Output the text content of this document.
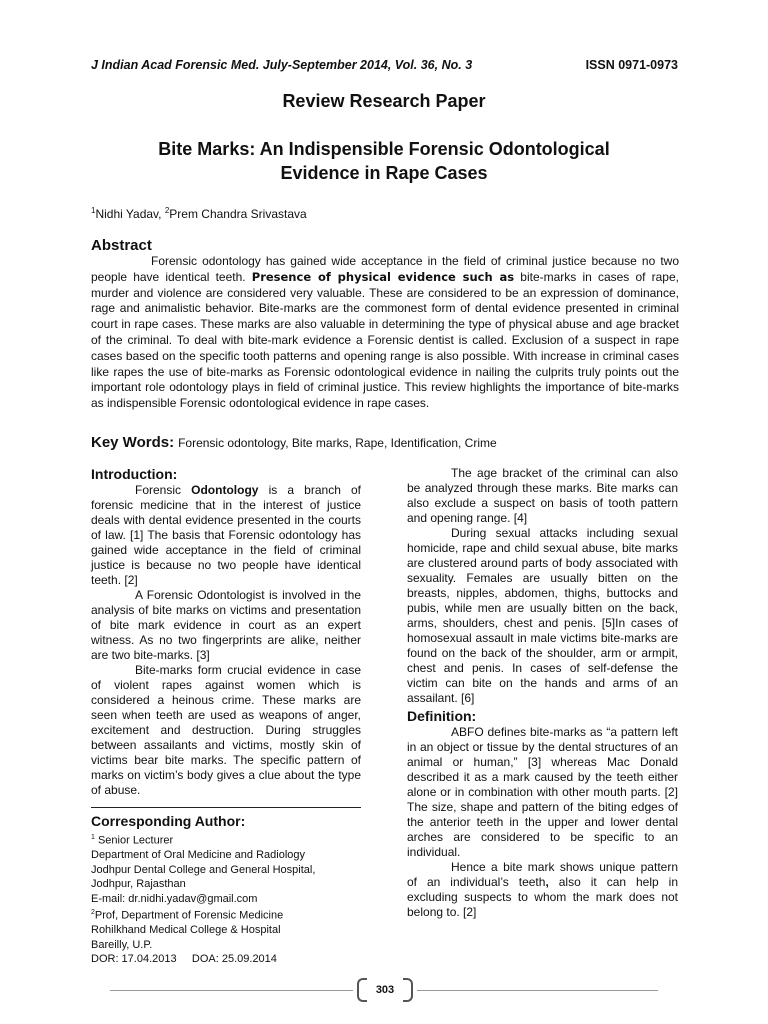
J Indian Acad Forensic Med. July-September 2014, Vol. 36, No. 3	ISSN 0971-0973
Review Research Paper
Bite Marks: An Indispensible Forensic Odontological
Evidence in Rape Cases
$^1$Nidhi Yadav, $^2$Prem Chandra Srivastava
Abstract

Forensic odontology has gained wide acceptance in the field of criminal justice because no two people have identical teeth. Presence of physical evidence such as bite-marks in cases of rape, murder and violence are considered very valuable. These are considered to be an expression of dominance, rage and animalistic behavior. Bite-marks are the commonest form of dental evidence presented in criminal court in rape cases. These marks are also valuable in determining the type of physical abuse and age bracket of the criminal. To deal with bite-mark evidence a Forensic dentist is called. Exclusion of a suspect in rape cases based on the specific tooth patterns and opening range is also possible. With increase in criminal cases like rapes the use of bite-marks as Forensic odontological evidence in nailing the culprits truly points out the important role odontology plays in field of criminal justice. This review highlights the importance of bite-marks as indispensible Forensic odontological evidence in rape cases.

Key Words: Forensic odontology, Bite marks, Rape, Identification, Crime
Introduction:

Forensic Odontology is a branch of forensic medicine that in the interest of justice deals with dental evidence presented in the courts of law. [1] The basis that Forensic odontology has gained wide acceptance in the field of criminal justice is because no two people have identical teeth. [2]

A Forensic Odontologist is involved in the analysis of bite marks on victims and presentation of bite mark evidence in court as an expert witness. As no two fingerprints are alike, neither are two bite-marks. [3]

Bite-marks form crucial evidence in case of violent rapes against women which is considered a heinous crime. These marks are seen when teeth are used as weapons of anger, excitement and destruction. During struggles between assailants and victims, mostly skin of victims bear bite marks. The specific pattern of marks on victim’s body gives a clue about the type of abuse.

Corresponding Author:
$^1$ Senior Lecturer
Department of Oral Medicine and Radiology
Jodhpur Dental College and General Hospital,
Jodhpur, Rajasthan
E-mail: dr.nidhi.yadav@gmail.com
$^2$Prof, Department of Forensic Medicine
Rohilkhand Medical College & Hospital
Bareilly, U.P.
DOR: 17.04.2013 DOA: 25.09.2014

The age bracket of the criminal can also be analyzed through these marks. Bite marks can also exclude a suspect on basis of tooth pattern and opening range. [4]

During sexual attacks including sexual homicide, rape and child sexual abuse, bite marks are clustered around parts of body associated with sexuality. Females are usually bitten on the breasts, nipples, abdomen, thighs, buttocks and pubis, while men are usually bitten on the back, arms, shoulders, chest and penis. [5]In cases of homosexual assault in male victims bite-marks are found on the back of the shoulder, arm or armpit, chest and penis. In cases of self-defense the victim can bite on the hands and arms of an assailant. [6]

Definition:

ABFO defines bite-marks as “a pattern left in an object or tissue by the dental structures of an animal or human,” [3] whereas Mac Donald described it as a mark caused by the teeth either alone or in combination with other mouth parts. [2] The size, shape and pattern of the biting edges of the anterior teeth in the upper and lower dental arches are considered to be specific to an individual.

Hence a bite mark shows unique pattern of an individual’s teeth, also it can help in excluding suspects to whom the mark does not belong to. [2]

303
